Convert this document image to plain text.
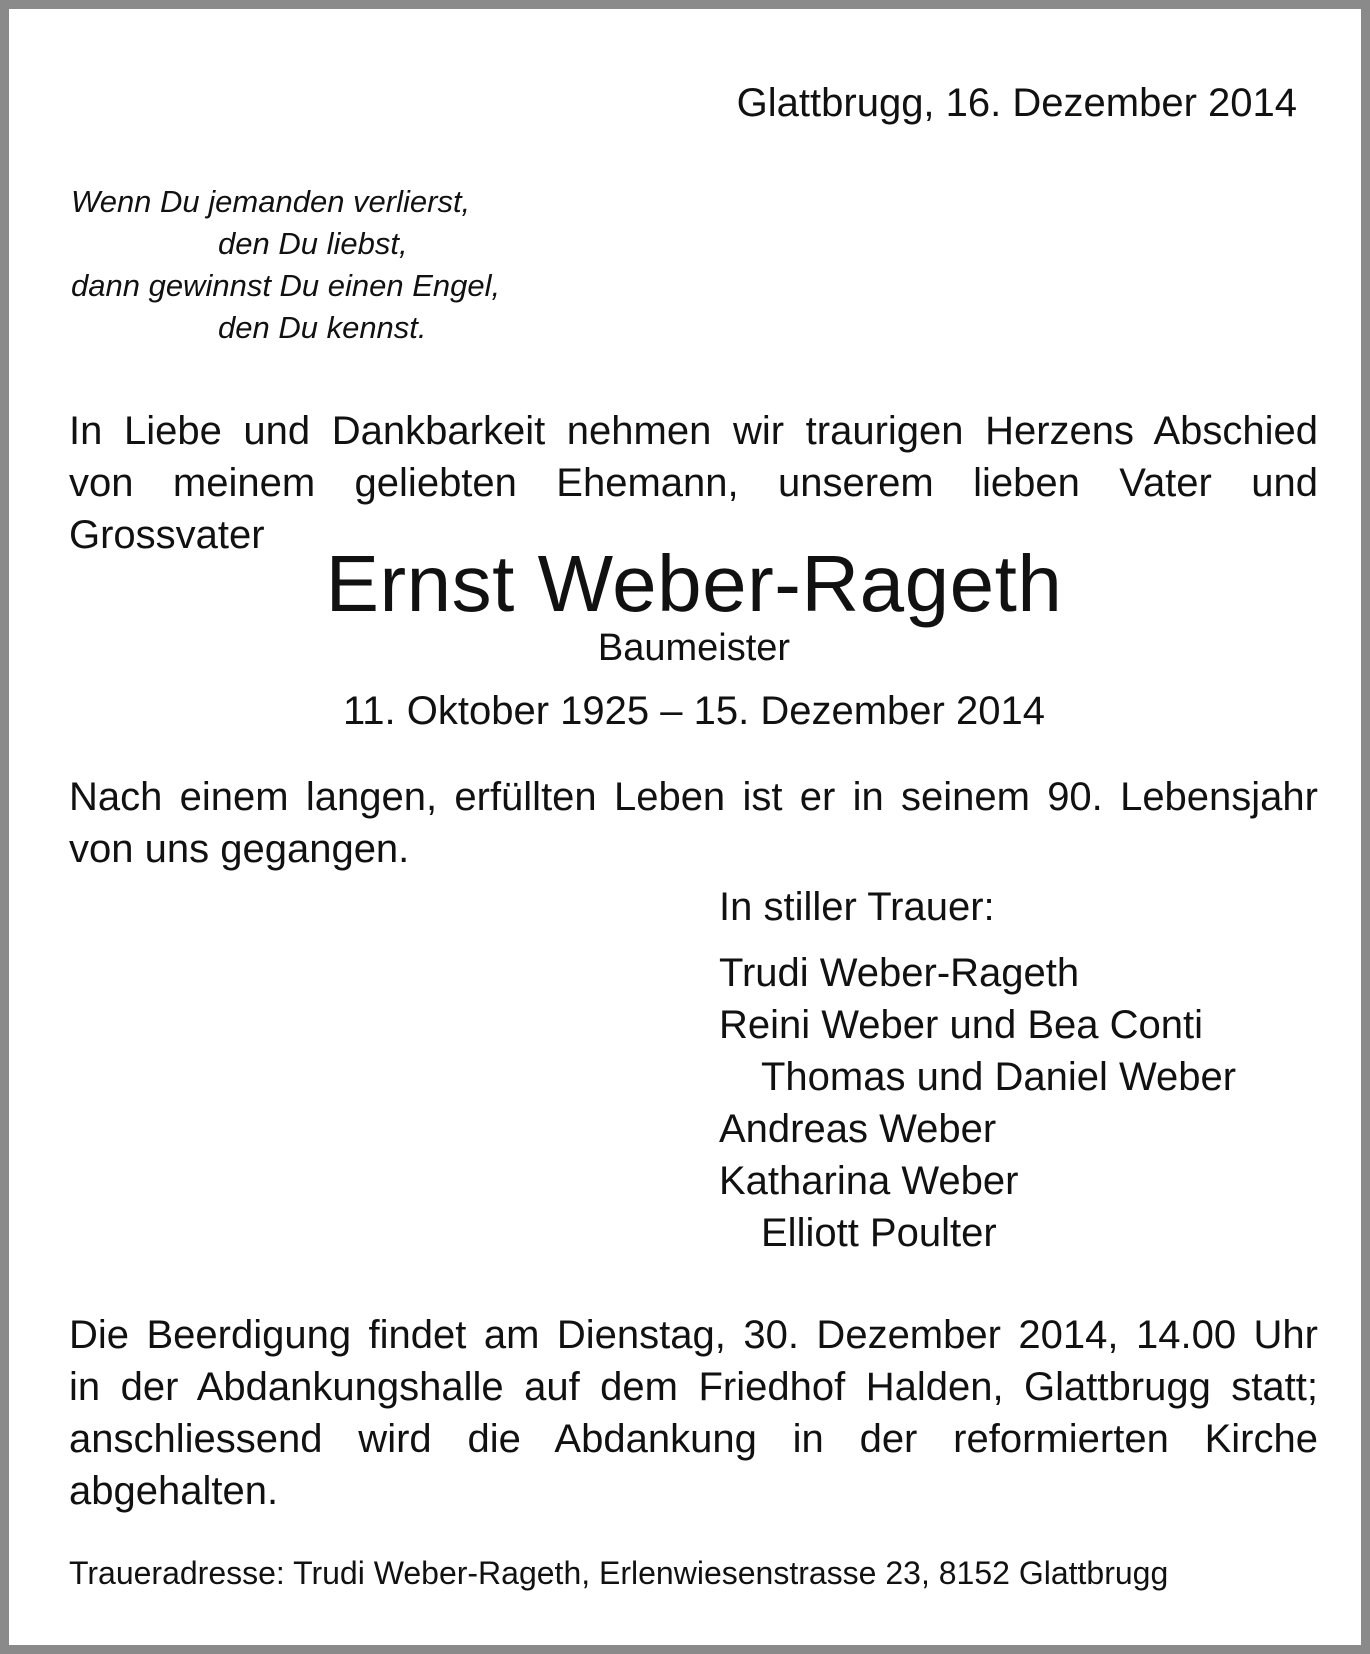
Glattbrugg, 16. Dezember 2014
Wenn Du jemanden verlierst,
den Du liebst,
dann gewinnst Du einen Engel,
den Du kennst.
In Liebe und Dankbarkeit nehmen wir traurigen Herzens Abschied
von meinem geliebten Ehemann, unserem lieben Vater und Grossvater
Ernst Weber-Rageth
Baumeister
11. Oktober 1925 – 15. Dezember 2014
Nach einem langen, erfüllten Leben ist er in seinem 90. Lebensjahr
von uns gegangen.
In stiller Trauer:
Trudi Weber-Rageth
Reini Weber und Bea Conti
Thomas und Daniel Weber
Andreas Weber
Katharina Weber
Elliott Poulter
Die Beerdigung findet am Dienstag, 30. Dezember 2014, 14.00 Uhr
in der Abdankungshalle auf dem Friedhof Halden, Glattbrugg statt;
anschliessend wird die Abdankung in der reformierten Kirche
abgehalten.
Traueradresse: Trudi Weber-Rageth, Erlenwiesenstrasse 23, 8152 Glattbrugg
